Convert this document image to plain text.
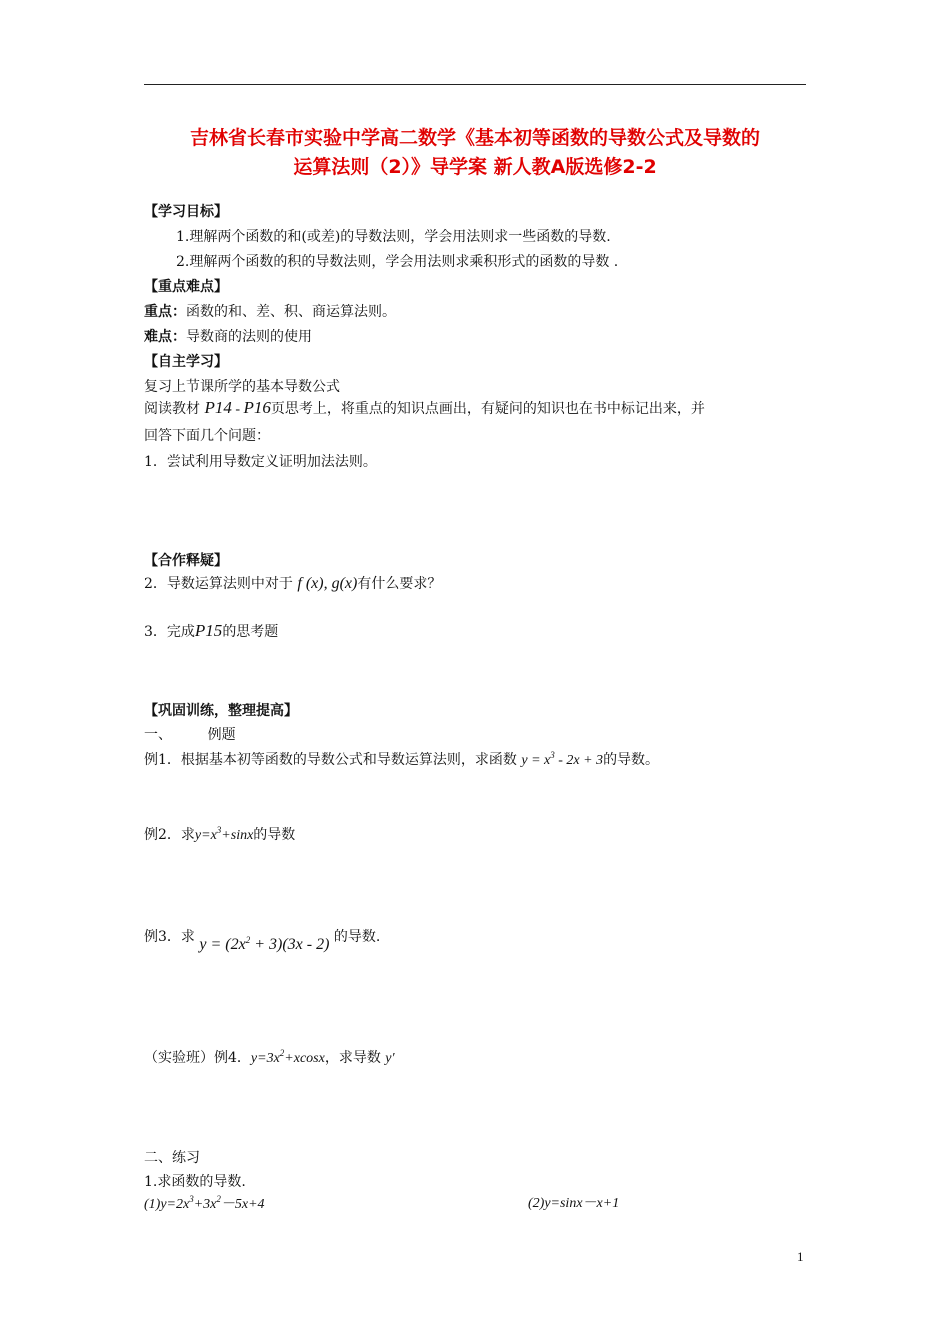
吉林省长春市实验中学高二数学《基本初等函数的导数公式及导数的
运算法则（2）》导学案 新人教A版选修2-2
【学习目标】
1.理解两个函数的和(或差)的导数法则，学会用法则求一些函数的导数.
2.理解两个函数的积的导数法则，学会用法则求乘积形式的函数的导数 .
【重点难点】
重点：函数的和、差、积、商运算法则。
难点：导数商的法则的使用
【自主学习】
复习上节课所学的基本导数公式
阅读教材 P14 - P16页思考上，将重点的知识点画出，有疑问的知识也在书中标记出来，并
回答下面几个问题：
1．尝试利用导数定义证明加法法则。
【合作释疑】
2．导数运算法则中对于 f (x), g(x)有什么要求？
3．完成P15的思考题
【巩固训练，整理提高】
一、        例题
例1．根据基本初等函数的导数公式和导数运算法则，求函数 $y = x^3 - 2x + 3$的导数。
例2．求$y=x^3+\sin x$的导数
例3．求 $y = (2x^2 + 3)(3x - 2)$ 的导数.
（实验班）例4．$y=3x^2+xcosx$，求导数 y′
二、练习
1.求函数的导数.
$(1)y=2x^3+3x^2-5x+4$	(2)y=sinx－x+1
1
